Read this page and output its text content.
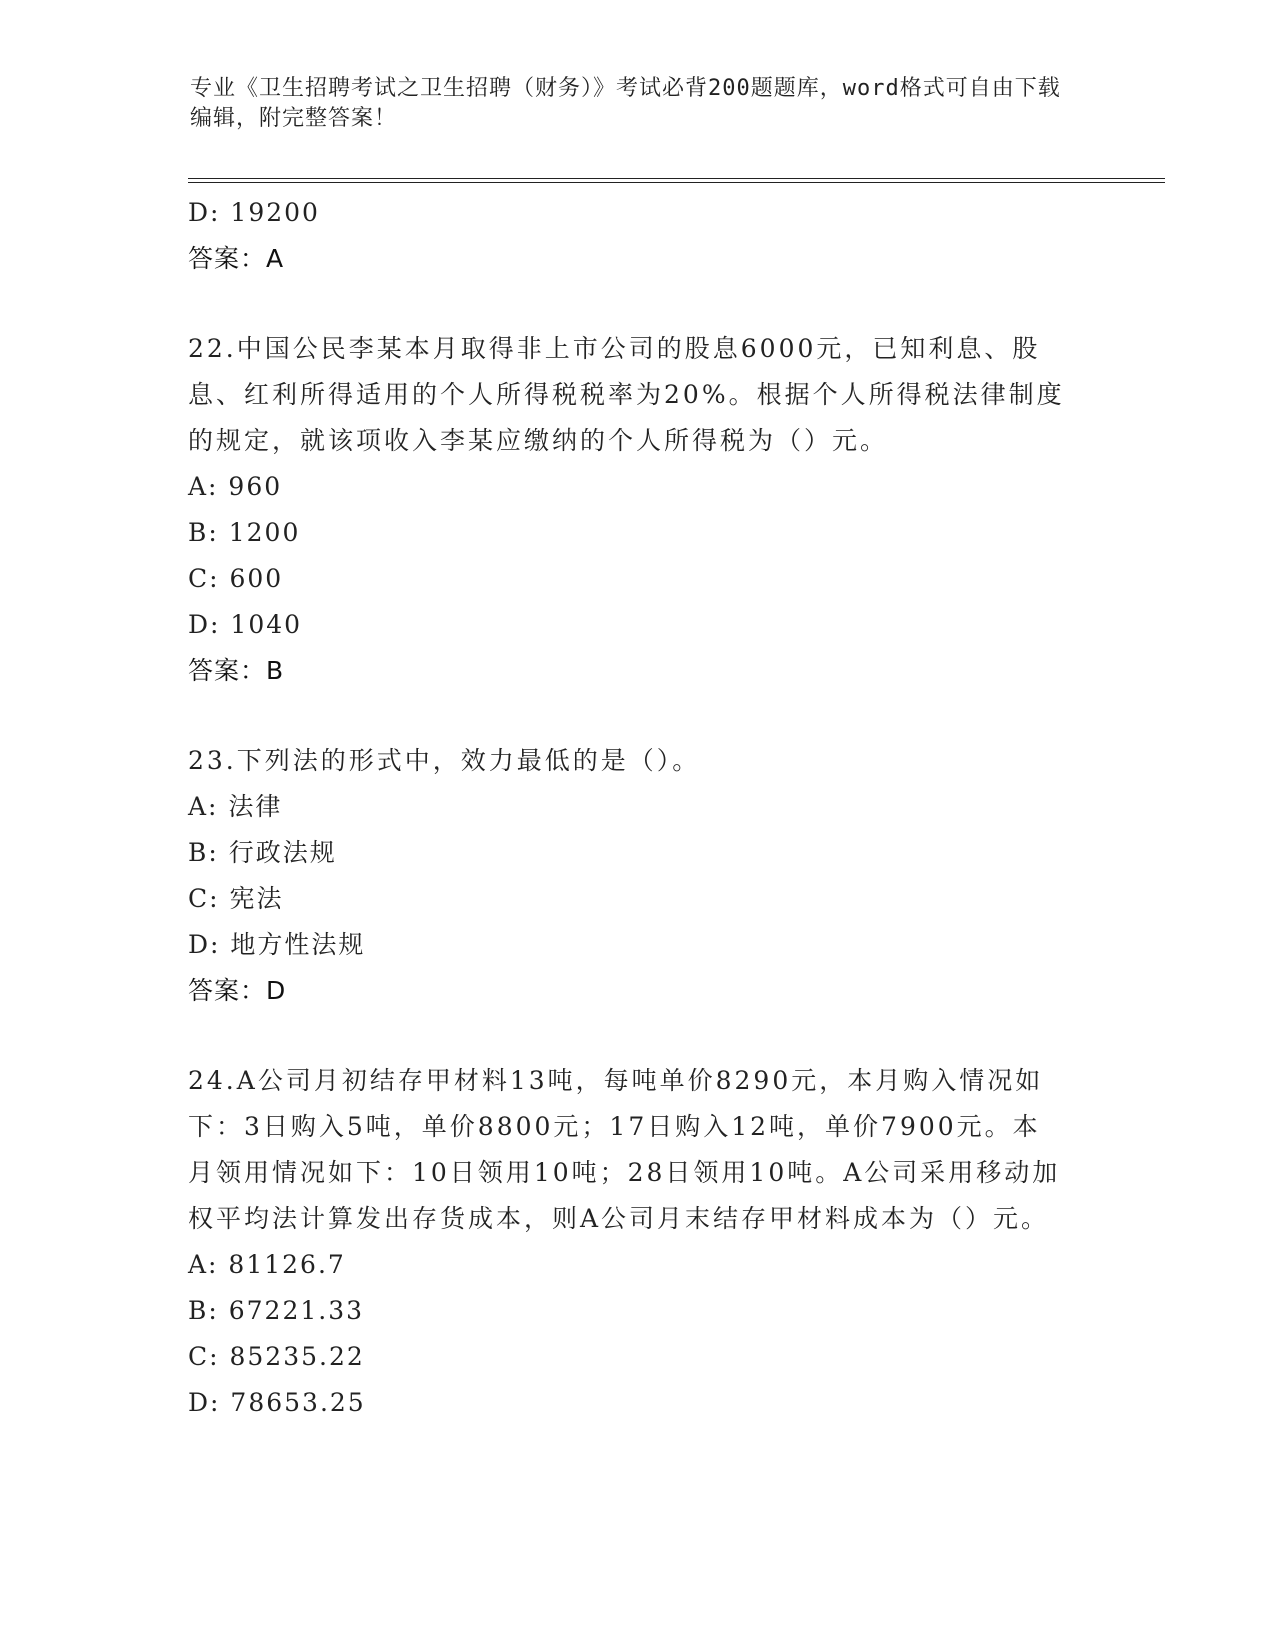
专业《卫生招聘考试之卫生招聘（财务）》考试必背200题题库，word格式可自由下载编辑，附完整答案！
D: 19200
答案：A
22.中国公民李某本月取得非上市公司的股息6000元，已知利息、股息、红利所得适用的个人所得税税率为20%。根据个人所得税法律制度的规定，就该项收入李某应缴纳的个人所得税为（）元。
A: 960
B: 1200
C: 600
D: 1040
答案：B
23.下列法的形式中，效力最低的是（）。
A: 法律
B: 行政法规
C: 宪法
D: 地方性法规
答案：D
24.A公司月初结存甲材料13吨，每吨单价8290元，本月购入情况如下：3日购入5吨，单价8800元；17日购入12吨，单价7900元。本月领用情况如下：10日领用10吨；28日领用10吨。A公司采用移动加权平均法计算发出存货成本，则A公司月末结存甲材料成本为（）元。
A: 81126.7
B: 67221.33
C: 85235.22
D: 78653.25
